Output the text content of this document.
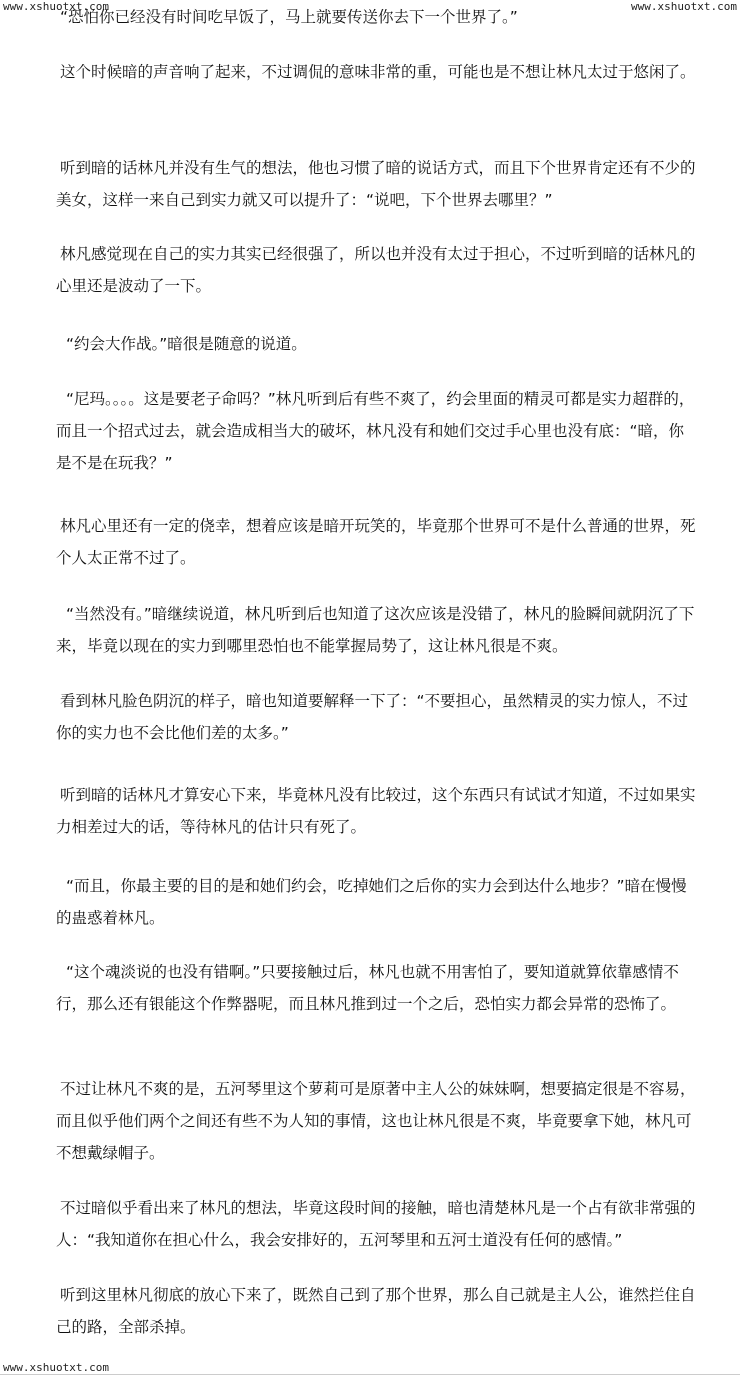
www.xshuotxt.com	www.xshuotxt.com

“恐怕你已经没有时间吃早饭了，马上就要传送你去下一个世界了。”

这个时候暗的声音响了起来，不过调侃的意味非常的重，可能也是不想让林凡太过于悠闲了。

听到暗的话林凡并没有生气的想法，他也习惯了暗的说话方式，而且下个世界肯定还有不少的美女，这样一来自己到实力就又可以提升了：“说吧，下个世界去哪里？”

林凡感觉现在自己的实力其实已经很强了，所以也并没有太过于担心，不过听到暗的话林凡的心里还是波动了一下。

“约会大作战。”暗很是随意的说道。

“尼玛。。。。这是要老子命吗？”林凡听到后有些不爽了，约会里面的精灵可都是实力超群的，而且一个招式过去，就会造成相当大的破坏，林凡没有和她们交过手心里也没有底：“暗，你是不是在玩我？”

林凡心里还有一定的侥幸，想着应该是暗开玩笑的，毕竟那个世界可不是什么普通的世界，死个人太正常不过了。

“当然没有。”暗继续说道，林凡听到后也知道了这次应该是没错了，林凡的脸瞬间就阴沉了下来，毕竟以现在的实力到哪里恐怕也不能掌握局势了，这让林凡很是不爽。

看到林凡脸色阴沉的样子，暗也知道要解释一下了：“不要担心，虽然精灵的实力惊人，不过你的实力也不会比他们差的太多。”

听到暗的话林凡才算安心下来，毕竟林凡没有比较过，这个东西只有试试才知道，不过如果实力相差过大的话，等待林凡的估计只有死了。

“而且，你最主要的目的是和她们约会，吃掉她们之后你的实力会到达什么地步？”暗在慢慢的蛊惑着林凡。

“这个魂淡说的也没有错啊。”只要接触过后，林凡也就不用害怕了，要知道就算依靠感情不行，那么还有银能这个作弊器呢，而且林凡推到过一个之后，恐怕实力都会异常的恐怖了。

不过让林凡不爽的是，五河琴里这个萝莉可是原著中主人公的妹妹啊，想要搞定很是不容易，而且似乎他们两个之间还有些不为人知的事情，这也让林凡很是不爽，毕竟要拿下她，林凡可不想戴绿帽子。

不过暗似乎看出来了林凡的想法，毕竟这段时间的接触，暗也清楚林凡是一个占有欲非常强的人：“我知道你在担心什么，我会安排好的，五河琴里和五河士道没有任何的感情。”

听到这里林凡彻底的放心下来了，既然自己到了那个世界，那么自己就是主人公，谁然拦住自己的路，全部杀掉。

www.xshuotxt.com
